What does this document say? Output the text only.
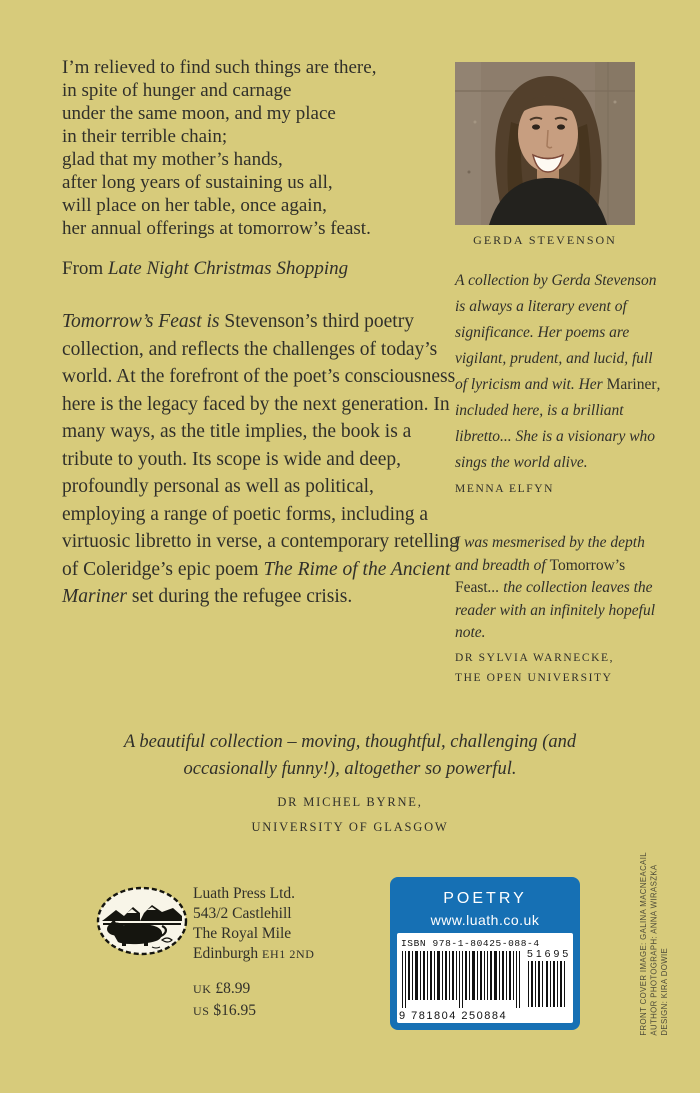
I’m relieved to find such things are there,
in spite of hunger and carnage
under the same moon, and my place
in their terrible chain;
glad that my mother’s hands,
after long years of sustaining us all,
will place on her table, once again,
her annual offerings at tomorrow’s feast.
From Late Night Christmas Shopping

Tomorrow’s Feast is Stevenson’s third poetry collection, and reflects the challenges of today’s world. At the forefront of the poet’s consciousness here is the legacy faced by the next generation. In many ways, as the title implies, the book is a tribute to youth. Its scope is wide and deep, profoundly personal as well as political, employing a range of poetic forms, including a virtuosic libretto in verse, a contemporary retelling of Coleridge’s epic poem The Rime of the Ancient Mariner set during the refugee crisis.

GERDA STEVENSON

A collection by Gerda Stevenson is always a literary event of significance. Her poems are vigilant, prudent, and lucid, full of lyricism and wit. Her Mariner, included here, is a brilliant libretto... She is a visionary who sings the world alive.
MENNA ELFYN

I was mesmerised by the depth and breadth of Tomorrow’s Feast... the collection leaves the reader with an infinitely hopeful note.
DR SYLVIA WARNECKE,
THE OPEN UNIVERSITY

A beautiful collection – moving, thoughtful, challenging (and
occasionally funny!), altogether so powerful.
DR MICHEL BYRNE,
UNIVERSITY OF GLASGOW
Luath Press Ltd.
543/2 Castlehill
The Royal Mile
Edinburgh EH1 2ND
UK £8.99
US $16.95
POETRY
www.luath.co.uk
ISBN 978-1-80425-088-4
51695
9 781804 250884	FRONT COVER IMAGE: GALINA MACNEACAIL AUTHOR PHOTOGRAPH: ANNA WIRASZKA DESIGN: KIRA DOWIE
